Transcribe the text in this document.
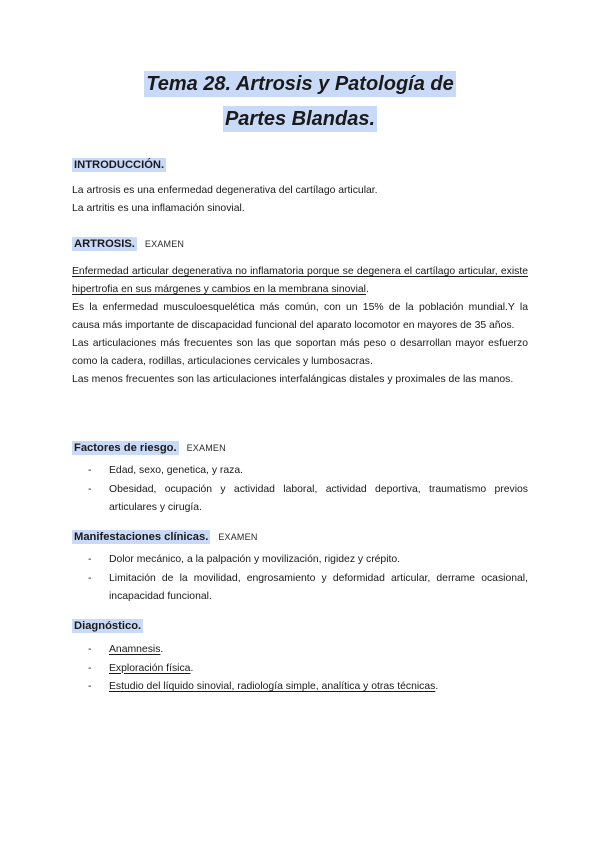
Tema 28. Artrosis y Patología de
Partes Blandas.
INTRODUCCIÓN.
La artrosis es una enfermedad degenerativa del cartílago articular.
La artritis es una inflamación sinovial.
ARTROSIS. EXAMEN
Enfermedad articular degenerativa no inflamatoria porque se degenera el cartílago articular, existe hipertrofia en sus márgenes y cambios en la membrana sinovial.
Es la enfermedad musculoesquelética más común, con un 15% de la población mundial.Y la causa más importante de discapacidad funcional del aparato locomotor en mayores de 35 años.
Las articulaciones más frecuentes son las que soportan más peso o desarrollan mayor esfuerzo como la cadera, rodillas, articulaciones cervicales y lumbosacras.
Las menos frecuentes son las articulaciones interfalángicas distales y proximales de las manos.
Factores de riesgo. EXAMEN
- Edad, sexo, genetica, y raza.
- Obesidad, ocupación y actividad laboral, actividad deportiva, traumatismo previos articulares y cirugía.
Manifestaciones clínicas. EXAMEN
- Dolor mecánico, a la palpación y movilización, rigidez y crépito.
- Limitación de la movilidad, engrosamiento y deformidad articular, derrame ocasional, incapacidad funcional.
Diagnóstico.
- Anamnesis.
- Exploración física.
- Estudio del líquido sinovial, radiología simple, analítica y otras técnicas.
